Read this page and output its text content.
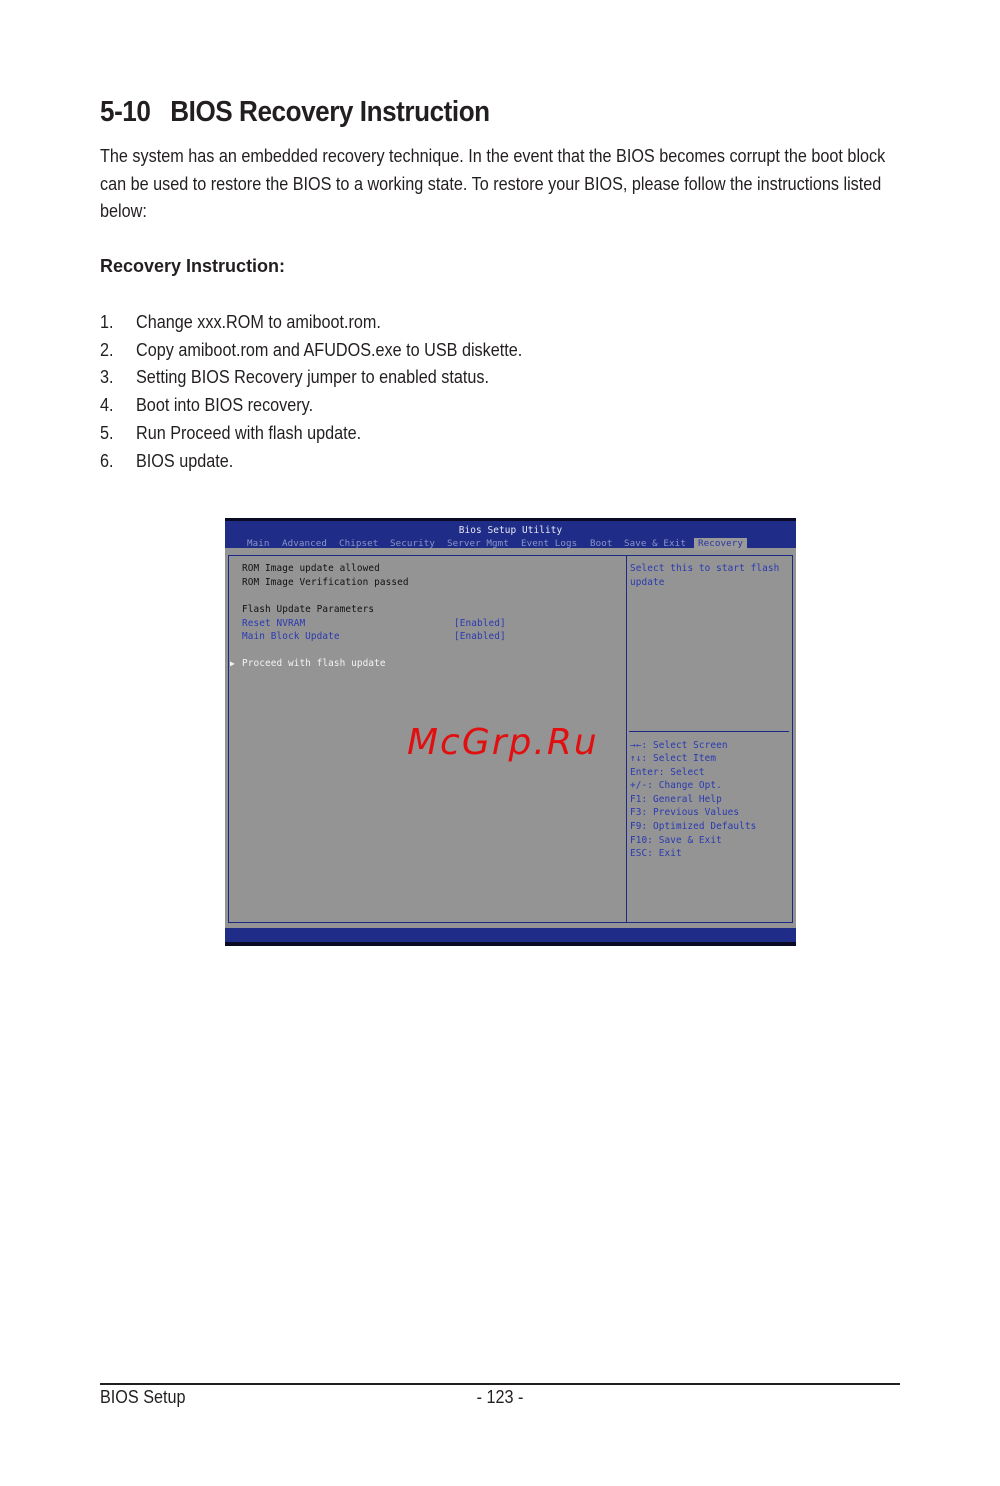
5-10 BIOS Recovery Instruction

The system has an embedded recovery technique. In the event that the BIOS becomes corrupt the boot block can be used to restore the BIOS to a working state. To restore your BIOS, please follow the instructions listed below:

Recovery Instruction:
1. Change xxx.ROM to amiboot.rom.
2. Copy amiboot.rom and AFUDOS.exe to USB diskette.
3. Setting BIOS Recovery jumper to enabled status.
4. Boot into BIOS recovery.
5. Run Proceed with flash update.
6. BIOS update.
Bios Setup Utility
Main Advanced Chipset Security Server Mgmt Event Logs Boot Save & Exit	Recovery
ROM Image update allowed
ROM Image Verification passed
Flash Update Parameters
Reset NVRAM	[Enabled]
Main Block Update	[Enabled]
▶ Proceed with flash update
Select this to start flash
update
→←: Select Screen
↑↓: Select Item
Enter: Select
+/-: Change Opt.
F1: General Help
F3: Previous Values
F9: Optimized Defaults
F10: Save & Exit
ESC: Exit
McGrp.Ru
BIOS Setup	- 123 -
